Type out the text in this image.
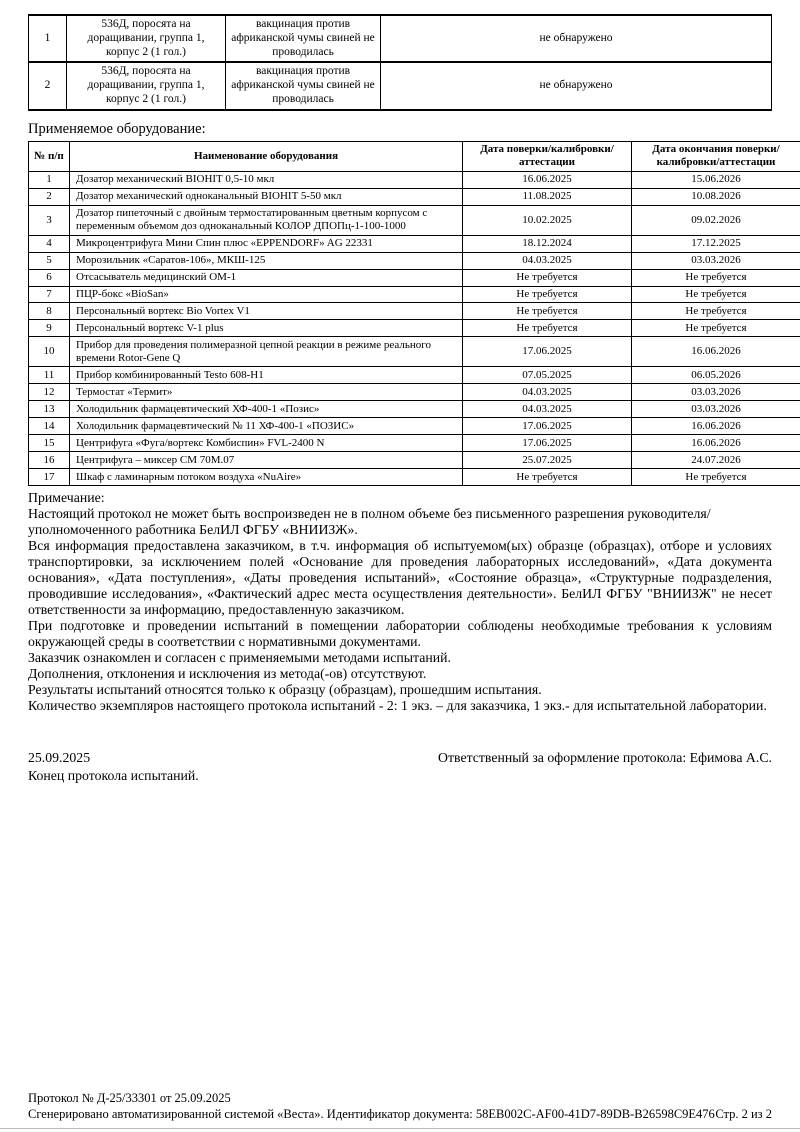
1	536Д, поросята на доращивании, группа 1, корпус 2 (1 гол.)	вакцинация против африканской чумы свиней не проводилась	не обнаружено
2	536Д, поросята на доращивании, группа 1, корпус 2 (1 гол.)	вакцинация против африканской чумы свиней не проводилась	не обнаружено
Применяемое оборудование:
№ п/п	Наименование оборудования	Дата поверки/калибровки/аттестации	Дата окончания поверки/калибровки/аттестации
1	Дозатор механический BIOHIT 0,5-10 мкл	16.06.2025	15.06.2026
2	Дозатор механический одноканальный BIOHIT 5-50 мкл	11.08.2025	10.08.2026
3	Дозатор пипеточный с двойным термостатированным цветным корпусом с переменным объемом доз одноканальный КОЛОР ДПОПц-1-100-1000	10.02.2025	09.02.2026
4	Микроцентрифуга Мини Спин плюс «EPPENDORF» AG 22331	18.12.2024	17.12.2025
5	Морозильник «Саратов-106», МКШ-125	04.03.2025	03.03.2026
6	Отсасыватель медицинский ОМ-1	Не требуется	Не требуется
7	ПЦР-бокс «BioSan»	Не требуется	Не требуется
8	Персональный вортекс Bio Vortex V1	Не требуется	Не требуется
9	Персональный вортекс V-1 plus	Не требуется	Не требуется
10	Прибор для проведения полимеразной цепной реакции в режиме реального времени Rotor-Gene Q	17.06.2025	16.06.2026
11	Прибор комбинированный Testo 608-H1	07.05.2025	06.05.2026
12	Термостат «Термит»	04.03.2025	03.03.2026
13	Холодильник фармацевтический ХФ-400-1 «Позис»	04.03.2025	03.03.2026
14	Холодильник фармацевтический № 11 ХФ-400-1 «ПОЗИС»	17.06.2025	16.06.2026
15	Центрифуга «Фуга/вортекс Комбиспин» FVL-2400 N	17.06.2025	16.06.2026
16	Центрифуга – миксер СМ 70М.07	25.07.2025	24.07.2026
17	Шкаф с ламинарным потоком воздуха «NuAire»	Не требуется	Не требуется

Примечание:

Настоящий протокол не может быть воспроизведен не в полном объеме без письменного разрешения руководителя/уполномоченного работника БелИЛ ФГБУ «ВНИИЗЖ».

Вся информация предоставлена заказчиком, в т.ч. информация об испытуемом(ых) образце (образцах), отборе и условиях транспортировки, за исключением полей «Основание для проведения лабораторных исследований», «Дата документа основания», «Дата поступления», «Даты проведения испытаний», «Состояние образца», «Структурные подразделения, проводившие исследования», «Фактический адрес места осуществления деятельности». БелИЛ ФГБУ "ВНИИЗЖ" не несет ответственности за информацию, предоставленную заказчиком.

При подготовке и проведении испытаний в помещении лаборатории соблюдены необходимые требования к условиям окружающей среды в соответствии с нормативными документами.

Заказчик ознакомлен и согласен с применяемыми методами испытаний.

Дополнения, отклонения и исключения из метода(-ов) отсутствуют.

Результаты испытаний относятся только к образцу (образцам), прошедшим испытания.

Количество экземпляров настоящего протокола испытаний - 2: 1 экз. – для заказчика, 1 экз.- для испытательной лаборатории.

25.09.2025	Ответственный за оформление протокола: Ефимова А.С.
Конец протокола испытаний.
Протокол № Д-25/33301 от 25.09.2025
Сгенерировано автоматизированной системой «Веста». Идентификатор документа: 58EB002C-AF00-41D7-89DB-B26598C9E476 Стр. 2 из 2
